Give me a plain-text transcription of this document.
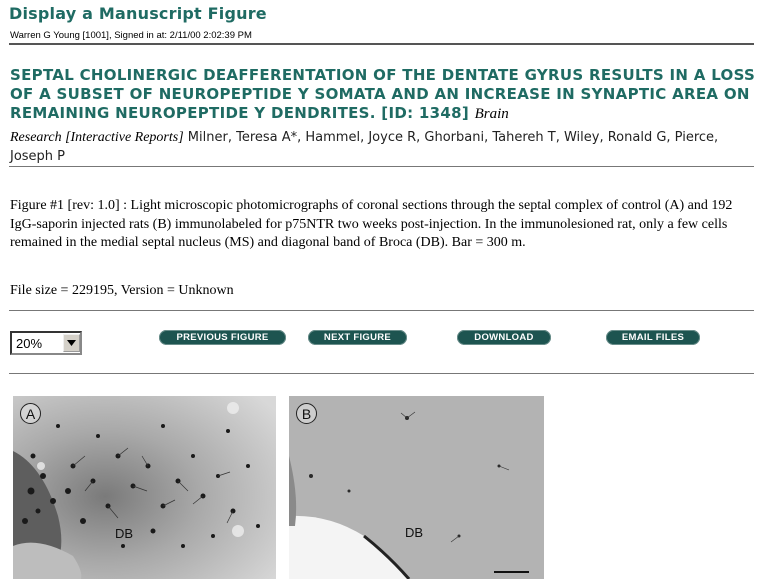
Display a Manuscript Figure
Warren G Young [1001], Signed in at: 2/11/00 2:02:39 PM
SEPTAL CHOLINERGIC DEAFFERENTATION OF THE DENTATE GYRUS RESULTS IN A LOSS OF A SUBSET OF NEUROPEPTIDE Y SOMATA AND AN INCREASE IN SYNAPTIC AREA ON REMAINING NEUROPEPTIDE Y DENDRITES. [ID: 1348] Brain
Research [Interactive Reports] Milner, Teresa A*, Hammel, Joyce R, Ghorbani, Tahereh T, Wiley, Ronald G, Pierce, Joseph P
Figure #1 [rev: 1.0] : Light microscopic photomicrographs of coronal sections through the septal complex of control (A) and 192 IgG-saporin injected rats (B) immunolabeled for p75NTR two weeks post-injection. In the immunolesioned rat, only a few cells remained in the medial septal nucleus (MS) and diagonal band of Broca (DB). Bar = 300 m.
File size = 229195, Version = Unknown
20%	PREVIOUS FIGURE	NEXT FIGURE	DOWNLOAD	EMAIL FILES
A
DB
B
DB
